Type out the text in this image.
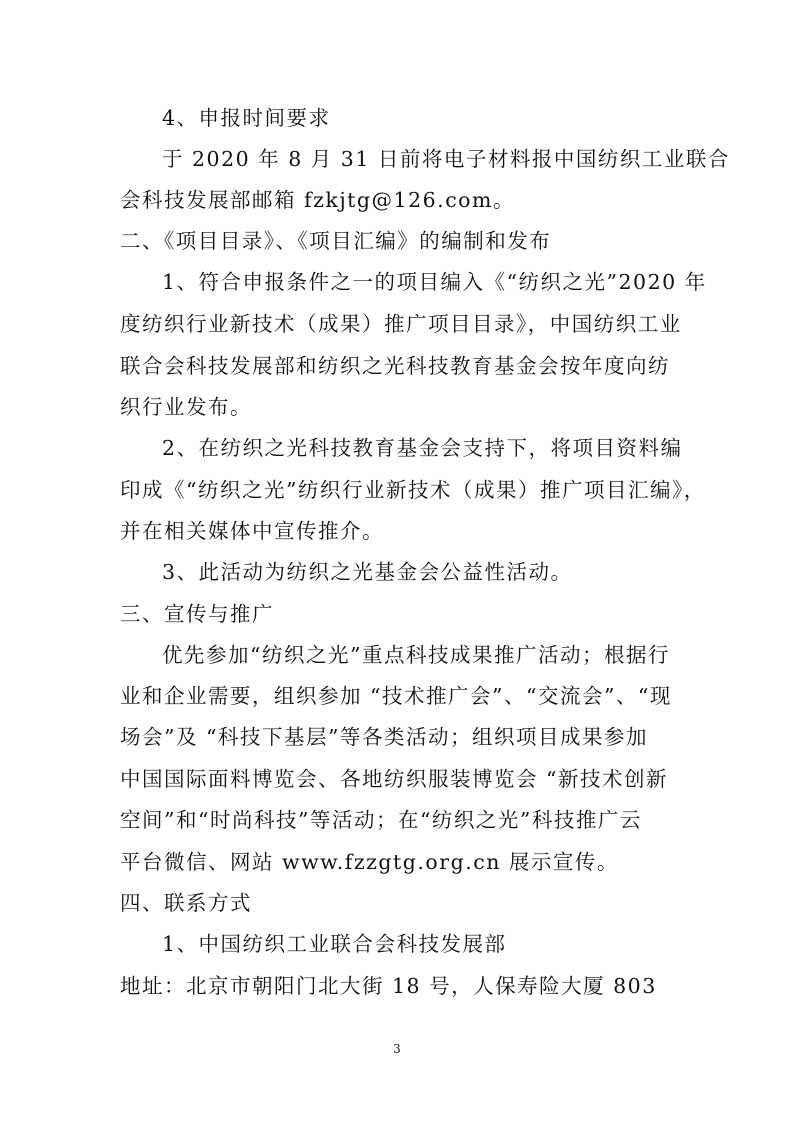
4、申报时间要求
于 2020 年 8 月 31 日前将电子材料报中国纺织工业联合
会科技发展部邮箱 fzkjtg@126.com。
二、《项目目录》、《项目汇编》的编制和发布
1、符合申报条件之一的项目编入《“纺织之光”2020 年
度纺织行业新技术（成果）推广项目目录》，中国纺织工业
联合会科技发展部和纺织之光科技教育基金会按年度向纺
织行业发布。
2、在纺织之光科技教育基金会支持下，将项目资料编
印成《“纺织之光”纺织行业新技术（成果）推广项目汇编》，
并在相关媒体中宣传推介。
3、此活动为纺织之光基金会公益性活动。
三、宣传与推广
优先参加“纺织之光”重点科技成果推广活动；根据行
业和企业需要，组织参加 “技术推广会”、“交流会”、“现
场会”及 “科技下基层”等各类活动；组织项目成果参加
中国国际面料博览会、各地纺织服装博览会 “新技术创新
空间”和“时尚科技”等活动；在“纺织之光”科技推广云
平台微信、网站 www.fzzgtg.org.cn 展示宣传。
四、联系方式
1、中国纺织工业联合会科技发展部
地址：北京市朝阳门北大街 18 号，人保寿险大厦 803
3
